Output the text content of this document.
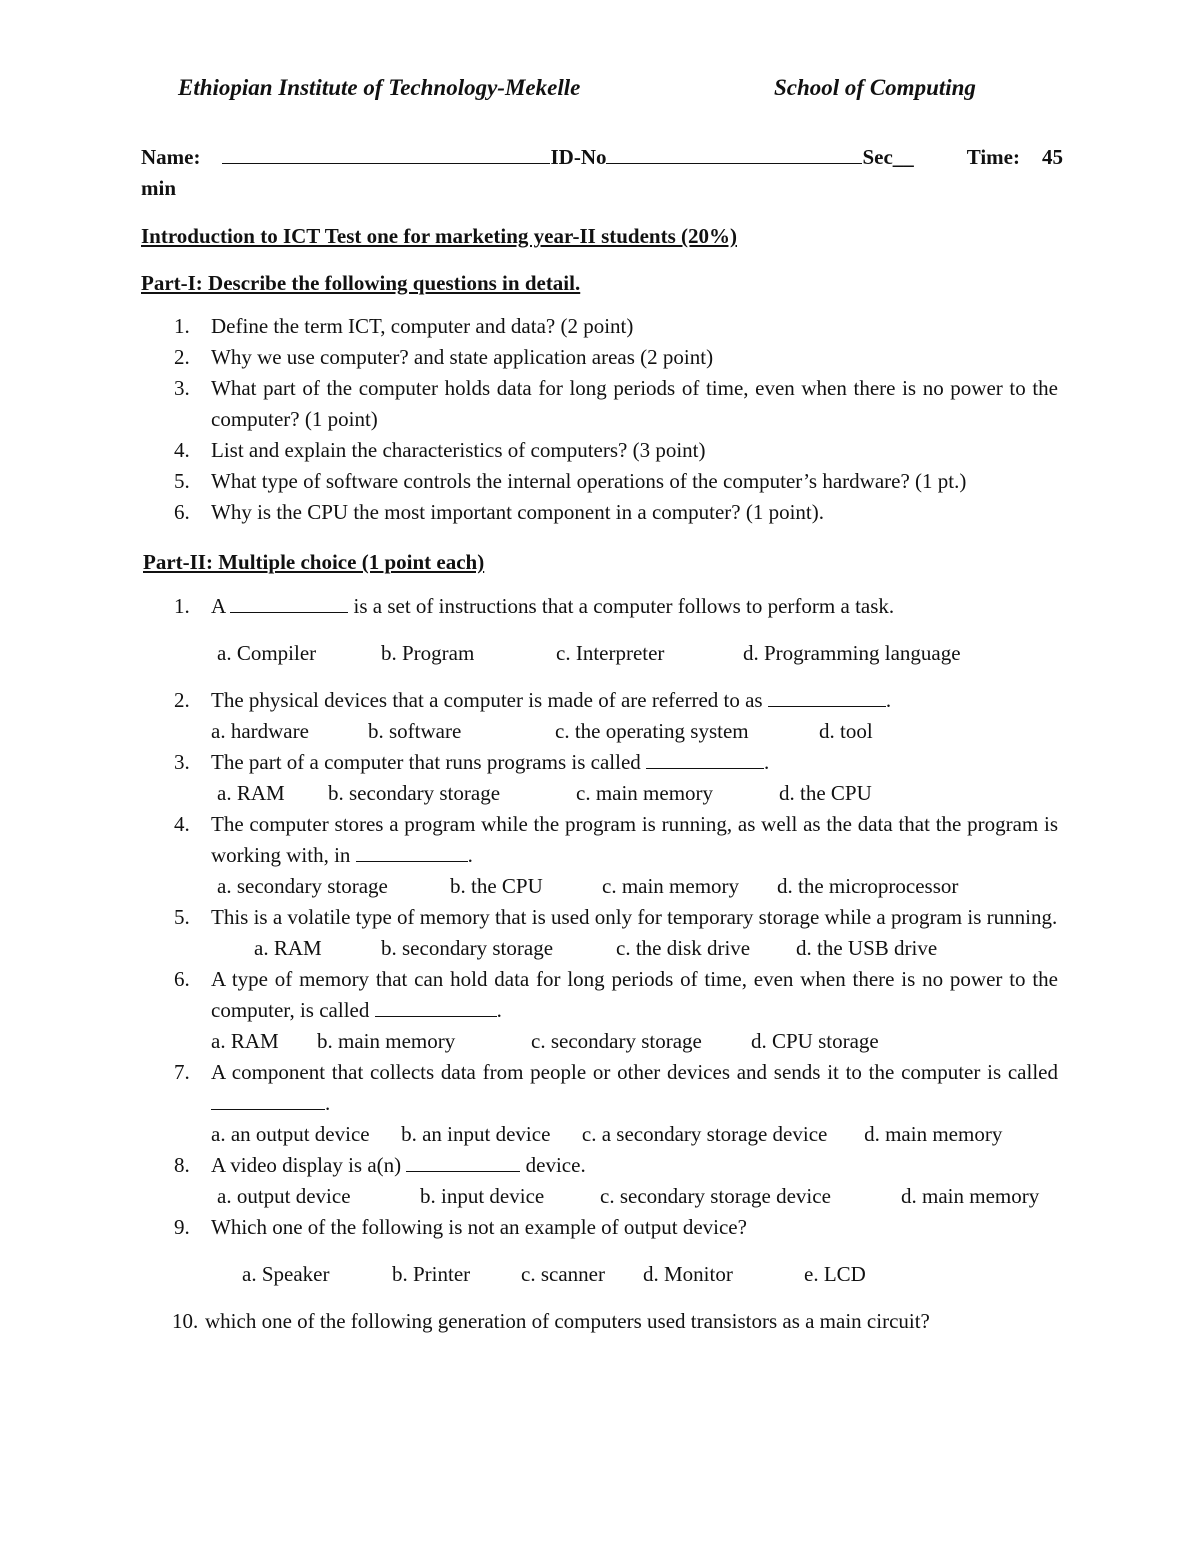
Ethiopian Institute of Technology-Mekelle	School of Computing
Name:	ID-No	Sec__	Time: 45
min
Introduction to ICT Test one for marketing year-II students (20%)
Part-I: Describe the following questions in detail.
1.	Define the term ICT, computer and data? (2 point)
2.	Why we use computer? and state application areas (2 point)
3.	What part of the computer holds data for long periods of time, even when there is no power to the computer? (1 point)
4.	List and explain the characteristics of computers? (3 point)
5.	What type of software controls the internal operations of the computer’s hardware? (1 pt.)
6.	Why is the CPU the most important component in a computer? (1 point).
Part-II: Multiple choice (1 point each)
1.	A	is a set of instructions that a computer follows to perform a task.
a. Compiler	b. Program	c. Interpreter	d. Programming language
2.	The physical devices that a computer is made of are referred to as	.
a. hardware	b. software	c. the operating system	d. tool
3.	The part of a computer that runs programs is called	.
a. RAM b. secondary storage	c. main memory	d. the CPU
4.	The computer stores a program while the program is running, as well as the data that the program is working with, in	.
a. secondary storage	b. the CPU	c. main memory d. the microprocessor
5.	This is a volatile type of memory that is used only for temporary storage while a program is running.
a. RAM	b. secondary storage	c. the disk drive d. the USB drive
6.	A type of memory that can hold data for long periods of time, even when there is no power to the computer, is called	.
a. RAM b. main memory	c. secondary storage d. CPU storage
7.	A component that collects data from people or other devices and sends it to the computer is called .
a. an output device      b. an input device      c. a secondary storage device       d. main memory
8.	A video display is a(n)	device.
a. output device	b. input device	c. secondary storage device	d. main memory
9.	Which one of the following is not an example of output device?
a. Speaker	b. Printer c. scanner d. Monitor	e. LCD
10. which one of the following generation of computers used transistors as a main circuit?
